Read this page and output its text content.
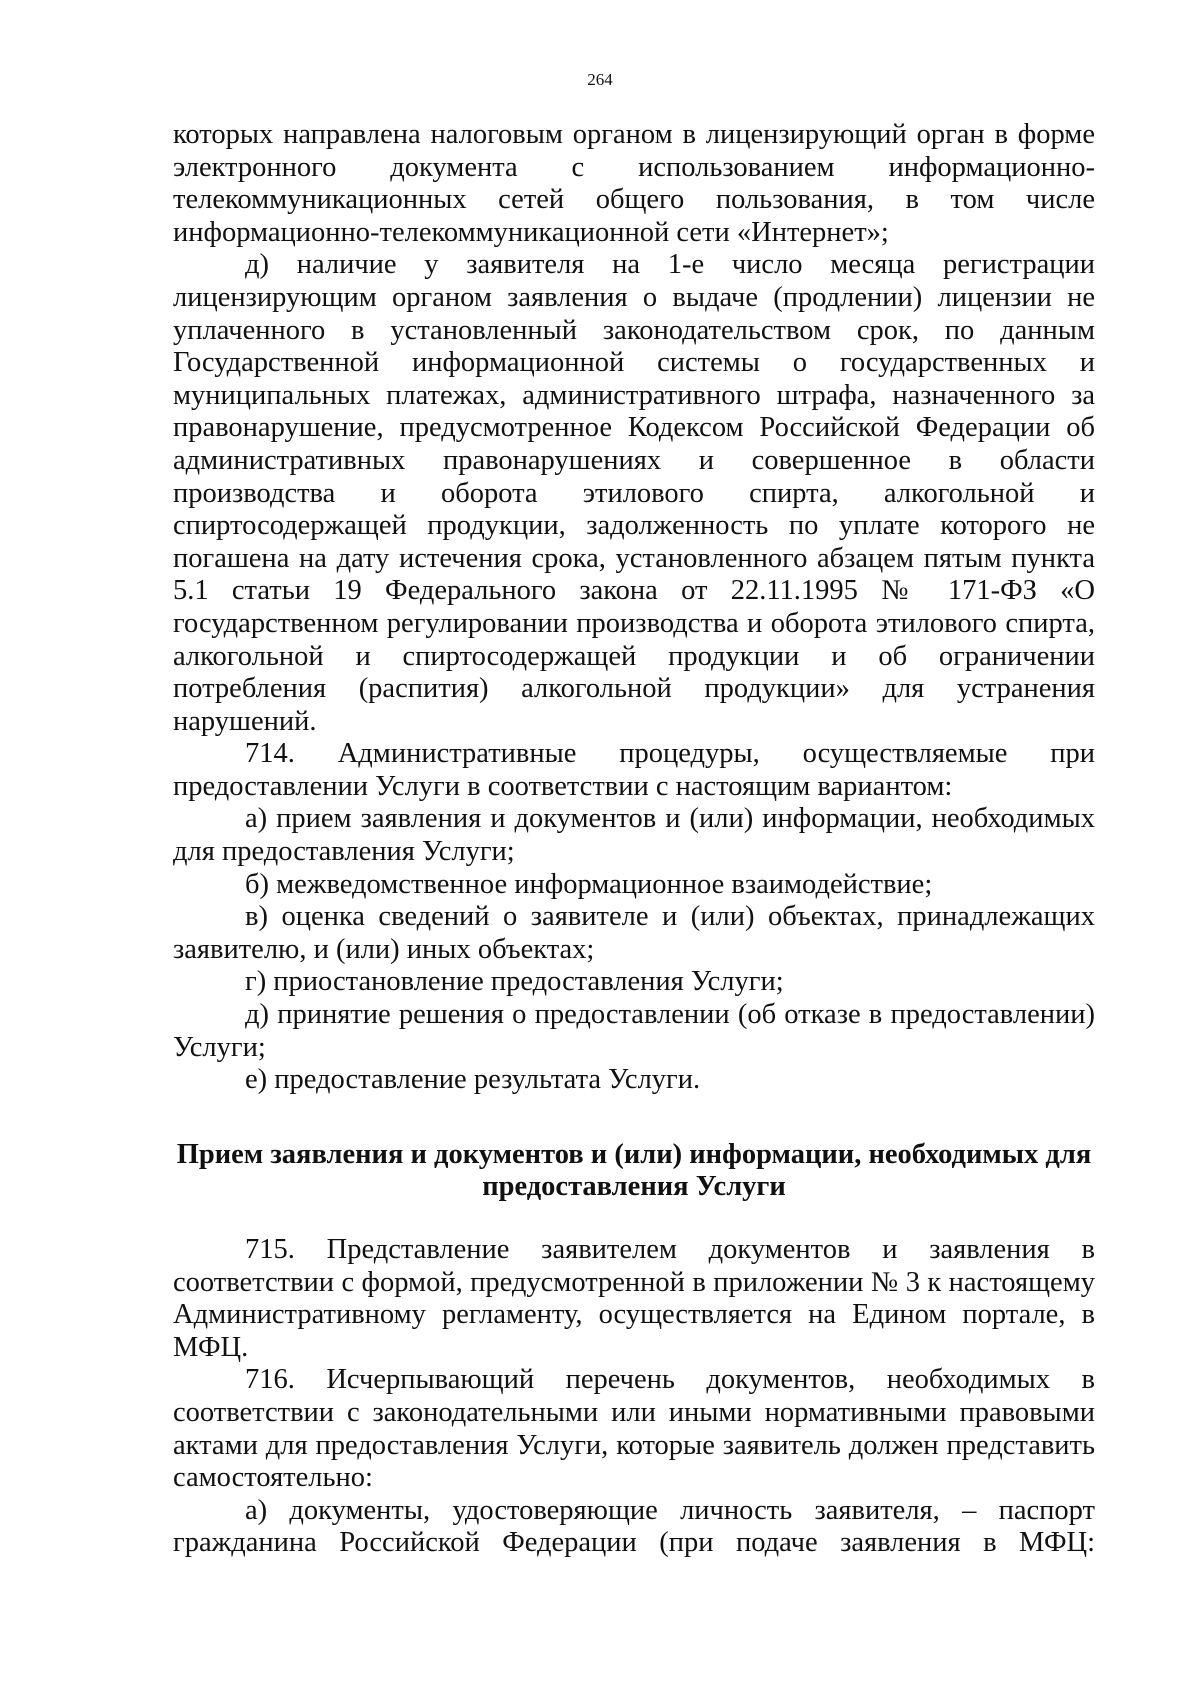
264

которых направлена налоговым органом в лицензирующий орган в форме электронного документа с использованием информационно-телекоммуникационных сетей общего пользования, в том числе информационно-телекоммуникационной сети «Интернет»;

д) наличие у заявителя на 1-е число месяца регистрации лицензирующим органом заявления о выдаче (продлении) лицензии не уплаченного в установленный законодательством срок, по данным Государственной информационной системы о государственных и муниципальных платежах, административного штрафа, назначенного за правонарушение, предусмотренное Кодексом Российской Федерации об административных правонарушениях и совершенное в области производства и оборота этилового спирта, алкогольной и спиртосодержащей продукции, задолженность по уплате которого не погашена на дату истечения срока, установленного абзацем пятым пункта 5.1 статьи 19 Федерального закона от 22.11.1995 № 171-ФЗ «О государственном регулировании производства и оборота этилового спирта, алкогольной и спиртосодержащей продукции и об ограничении потребления (распития) алкогольной продукции» для устранения нарушений.

714. Административные процедуры, осуществляемые при предоставлении Услуги в соответствии с настоящим вариантом:

а) прием заявления и документов и (или) информации, необходимых для предоставления Услуги;

б) межведомственное информационное взаимодействие;

в) оценка сведений о заявителе и (или) объектах, принадлежащих заявителю, и (или) иных объектах;

г) приостановление предоставления Услуги;

д) принятие решения о предоставлении (об отказе в предоставлении) Услуги;

е) предоставление результата Услуги.

Прием заявления и документов и (или) информации, необходимых для
предоставления Услуги

715. Представление заявителем документов и заявления в соответствии с формой, предусмотренной в приложении № 3 к настоящему Административному регламенту, осуществляется на Едином портале, в МФЦ.

716. Исчерпывающий перечень документов, необходимых в соответствии с законодательными или иными нормативными правовыми актами для предоставления Услуги, которые заявитель должен представить самостоятельно:

а) документы, удостоверяющие личность заявителя, – паспорт гражданина Российской Федерации (при подаче заявления в МФЦ:
